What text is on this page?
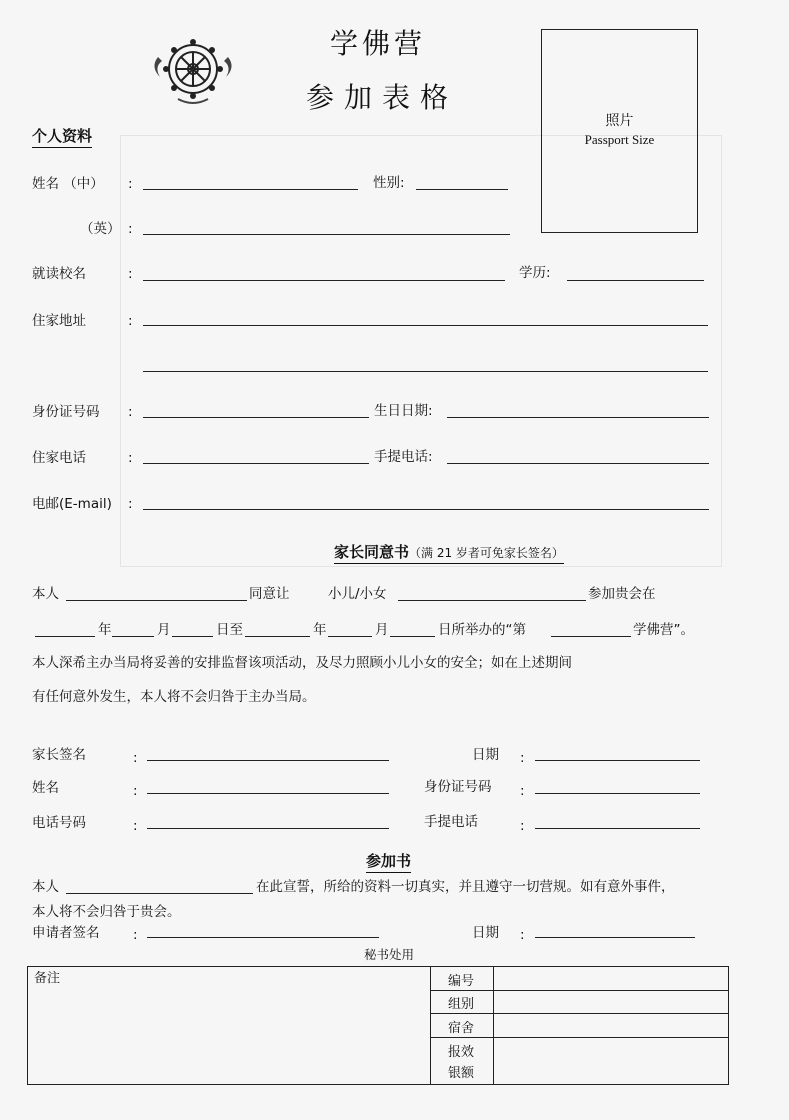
学佛营
参加表格
照片
Passport Size
个人资料
姓名 （中） :	性别:
（英） :
就读校名	:	学历:
住家地址	:
身份证号码 :	生日日期:
住家电话	:	手提电话:
电邮(E-mail) :
家长同意书（满 21 岁者可免家长签名）
本人	同意让	小儿/小女	参加贵会在
年	月	日至	年	月	日所举办的“第	学佛营”。
本人深希主办当局将妥善的安排监督该项活动，及尽力照顾小儿小女的安全；如在上述期间
有任何意外发生，本人将不会归咎于主办当局。
家长签名	:	日期 :
姓名	:	身份证号码 :
电话号码	:	手提电话	:
参加书
本人	在此宣誓，所给的资料一切真实，并且遵守一切营规。如有意外事件，
本人将不会归咎于贵会。
申请者签名 :	日期 :
秘书处用
备注	编号
组别
宿舍
报效
银额
